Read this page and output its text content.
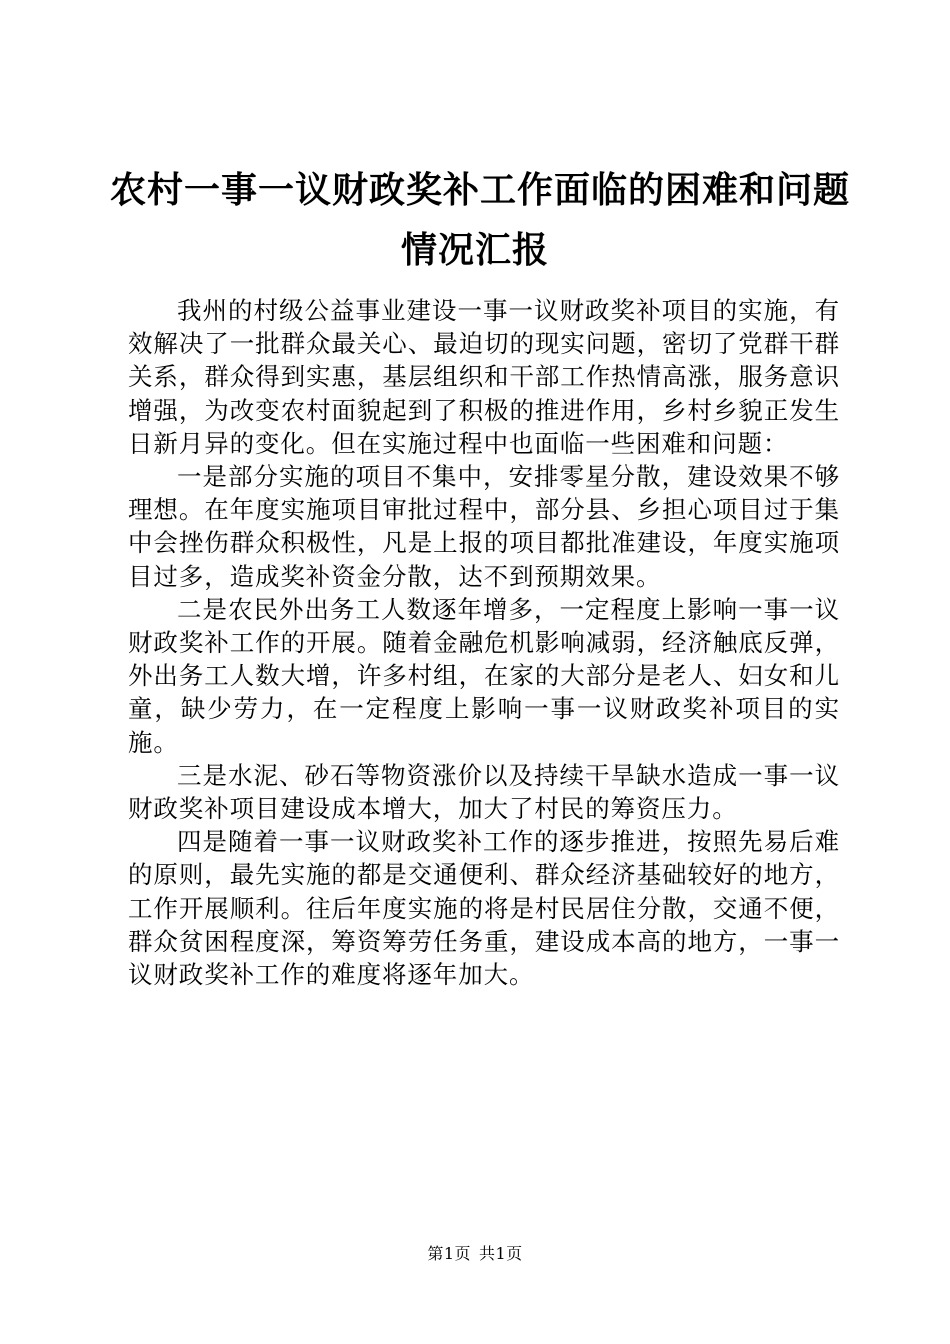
农村一事一议财政奖补工作面临的困难和问题
情况汇报

我州的村级公益事业建设一事一议财政奖补项目的实施，有效解决了一批群众最关心、最迫切的现实问题，密切了党群干群关系，群众得到实惠，基层组织和干部工作热情高涨，服务意识增强，为改变农村面貌起到了积极的推进作用，乡村乡貌正发生日新月异的变化。但在实施过程中也面临一些困难和问题：

一是部分实施的项目不集中，安排零星分散，建设效果不够理想。在年度实施项目审批过程中，部分县、乡担心项目过于集中会挫伤群众积极性，凡是上报的项目都批准建设，年度实施项目过多，造成奖补资金分散，达不到预期效果。

二是农民外出务工人数逐年增多，一定程度上影响一事一议财政奖补工作的开展。随着金融危机影响减弱，经济触底反弹，外出务工人数大增，许多村组，在家的大部分是老人、妇女和儿童，缺少劳力，在一定程度上影响一事一议财政奖补项目的实施。

三是水泥、砂石等物资涨价以及持续干旱缺水造成一事一议财政奖补项目建设成本增大，加大了村民的筹资压力。

四是随着一事一议财政奖补工作的逐步推进，按照先易后难的原则，最先实施的都是交通便利、群众经济基础较好的地方，工作开展顺利。往后年度实施的将是村民居住分散，交通不便，群众贫困程度深，筹资筹劳任务重，建设成本高的地方，一事一议财政奖补工作的难度将逐年加大。

第1页 共1页
